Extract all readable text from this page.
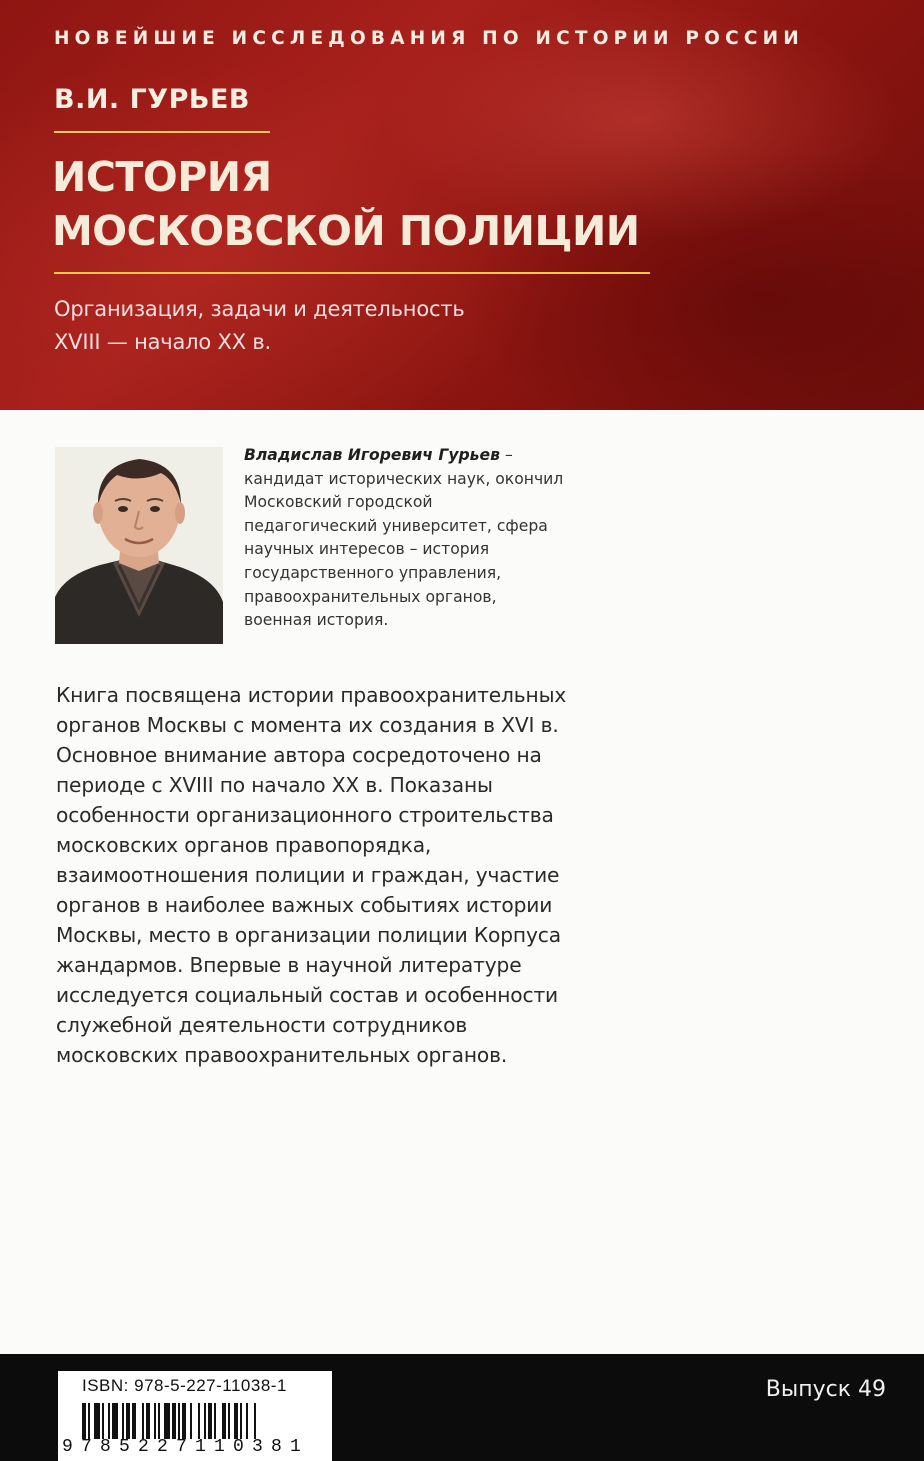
НОВЕЙШИЕ ИССЛЕДОВАНИЯ ПО ИСТОРИИ РОССИИ
В.И. ГУРЬЕВ
ИСТОРИЯ
МОСКОВСКОЙ ПОЛИЦИИ
Организация, задачи и деятельность
XVIII — начало XX в.
Владислав Игоревич Гурьев –
кандидат исторических наук, окончил
Московский городской
педагогический университет, сфера
научных интересов – история
государственного управления,
правоохранительных органов,
военная история.
Книга посвящена истории правоохранительных
органов Москвы с момента их создания в XVI в.
Основное внимание автора сосредоточено на
периоде с XVIII по начало XX в. Показаны
особенности организационного строительства
московских органов правопорядка,
взаимоотношения полиции и граждан, участие
органов в наиболее важных событиях истории
Москвы, место в организации полиции Корпуса
жандармов. Впервые в научной литературе
исследуется социальный состав и особенности
служебной деятельности сотрудников
московских правоохранительных органов.
ISBN: 978-5-227-11038-1
9785227110381
Выпуск 49
